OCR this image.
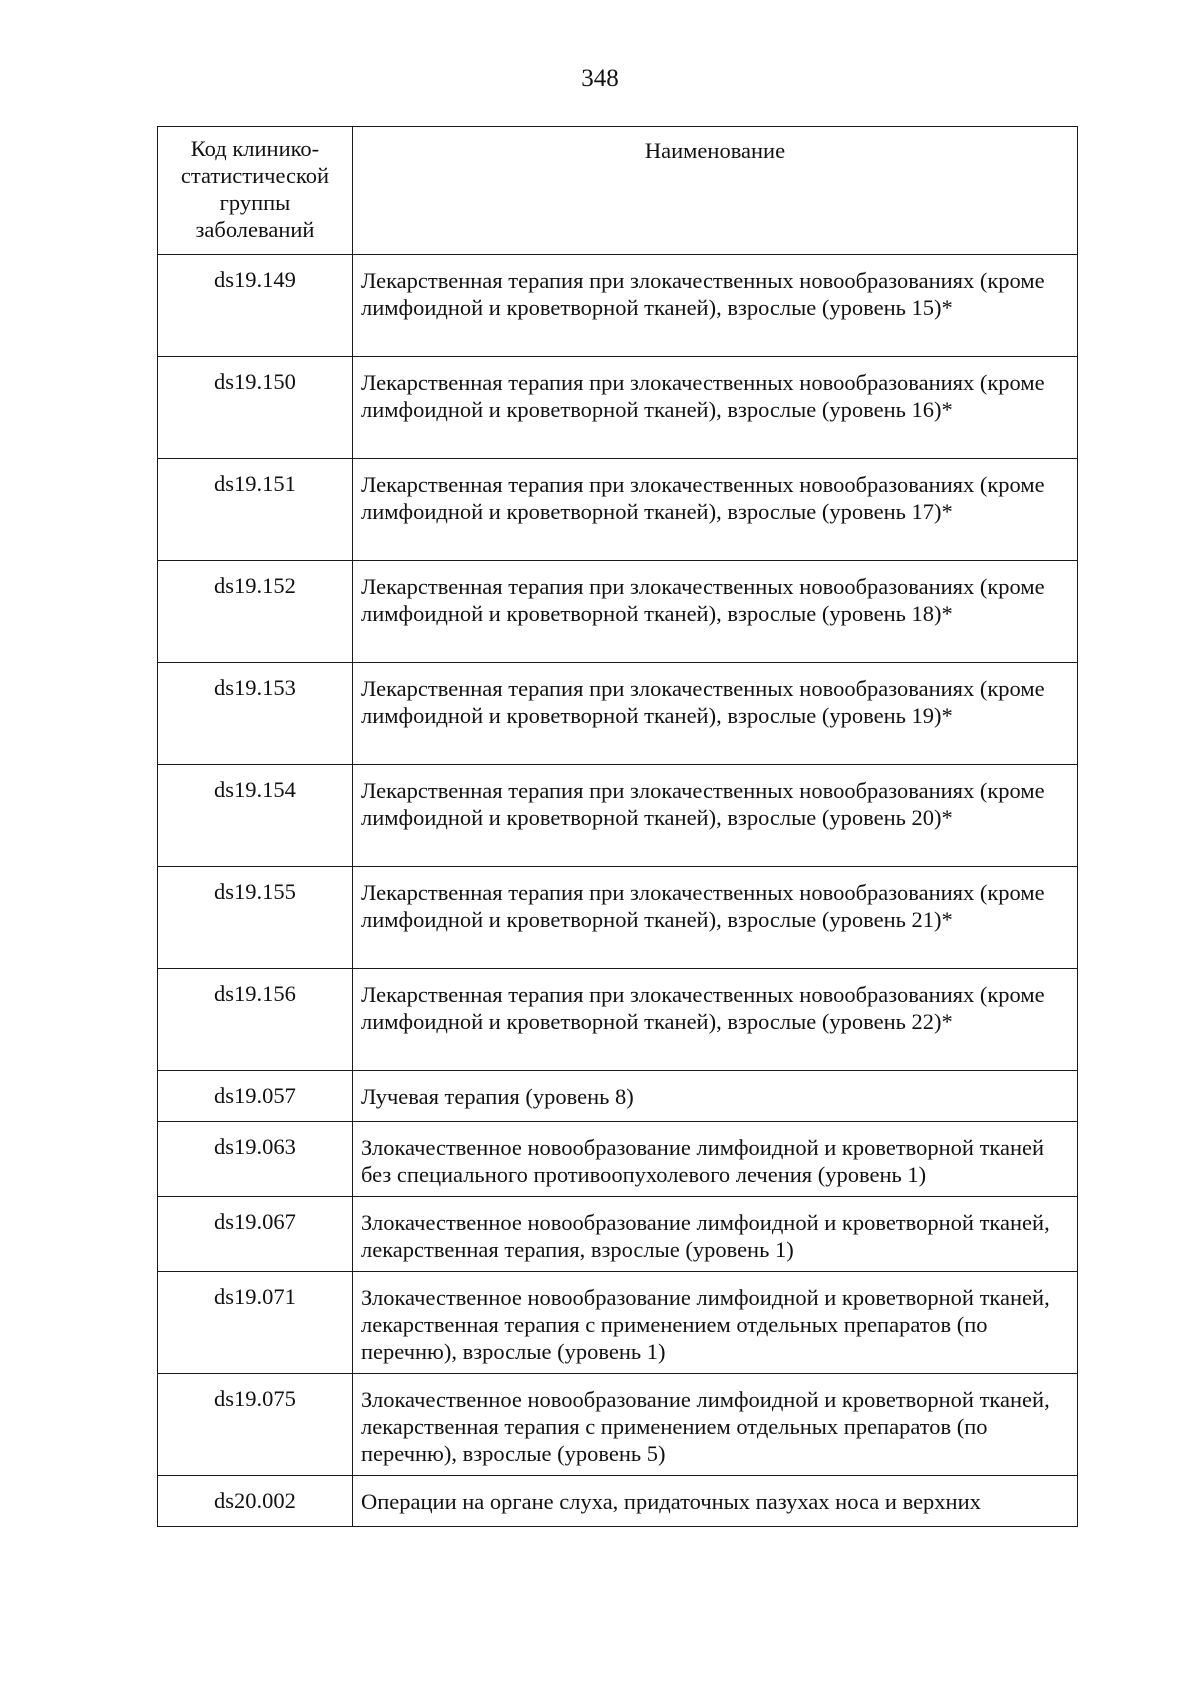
348
Код клинико-статистической группы заболеваний	Наименование
ds19.149	Лекарственная терапия при злокачественных новообразованиях (кроме лимфоидной и кроветворной тканей), взрослые (уровень 15)*
ds19.150	Лекарственная терапия при злокачественных новообразованиях (кроме лимфоидной и кроветворной тканей), взрослые (уровень 16)*
ds19.151	Лекарственная терапия при злокачественных новообразованиях (кроме лимфоидной и кроветворной тканей), взрослые (уровень 17)*
ds19.152	Лекарственная терапия при злокачественных новообразованиях (кроме лимфоидной и кроветворной тканей), взрослые (уровень 18)*
ds19.153	Лекарственная терапия при злокачественных новообразованиях (кроме лимфоидной и кроветворной тканей), взрослые (уровень 19)*
ds19.154	Лекарственная терапия при злокачественных новообразованиях (кроме лимфоидной и кроветворной тканей), взрослые (уровень 20)*
ds19.155	Лекарственная терапия при злокачественных новообразованиях (кроме лимфоидной и кроветворной тканей), взрослые (уровень 21)*
ds19.156	Лекарственная терапия при злокачественных новообразованиях (кроме лимфоидной и кроветворной тканей), взрослые (уровень 22)*
ds19.057	Лучевая терапия (уровень 8)
ds19.063	Злокачественное новообразование лимфоидной и кроветворной тканей без специального противоопухолевого лечения (уровень 1)
ds19.067	Злокачественное новообразование лимфоидной и кроветворной тканей, лекарственная терапия, взрослые (уровень 1)
ds19.071	Злокачественное новообразование лимфоидной и кроветворной тканей, лекарственная терапия с применением отдельных препаратов (по перечню), взрослые (уровень 1)
ds19.075	Злокачественное новообразование лимфоидной и кроветворной тканей, лекарственная терапия с применением отдельных препаратов (по перечню), взрослые (уровень 5)
ds20.002	Операции на органе слуха, придаточных пазухах носа и верхних
